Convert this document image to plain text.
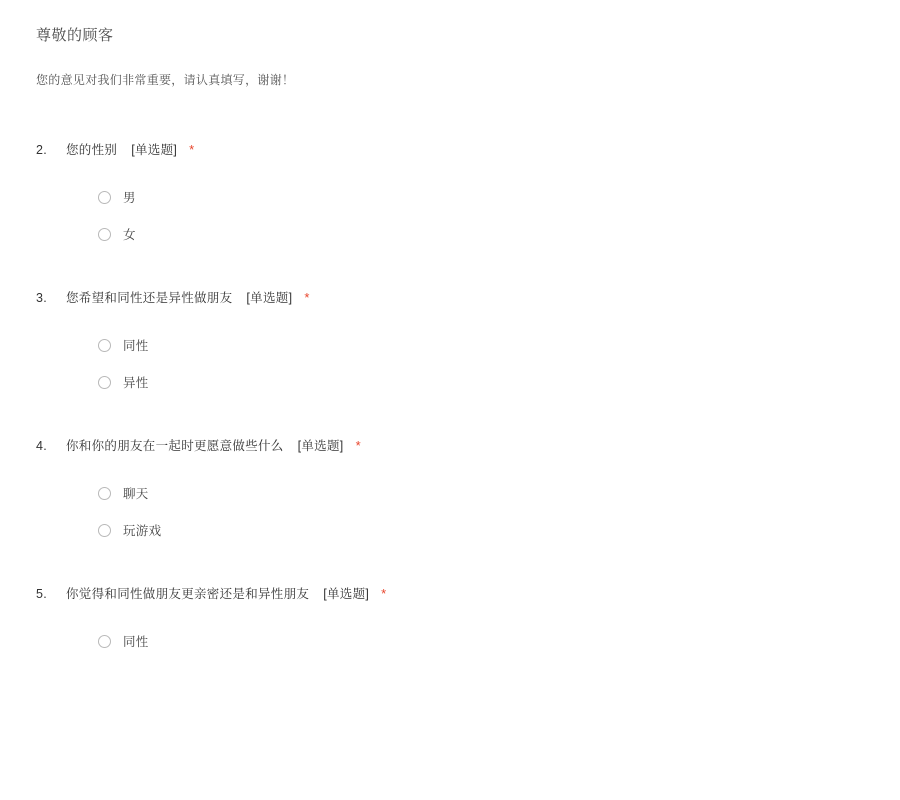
尊敬的顾客
您的意见对我们非常重要，请认真填写，谢谢！
2.	您的性别 [单选题] *
男
女
3.	您希望和同性还是异性做朋友 [单选题] *
同性
异性
4.	你和你的朋友在一起时更愿意做些什么 [单选题] *
聊天
玩游戏
5.	你觉得和同性做朋友更亲密还是和异性朋友 [单选题] *
同性
